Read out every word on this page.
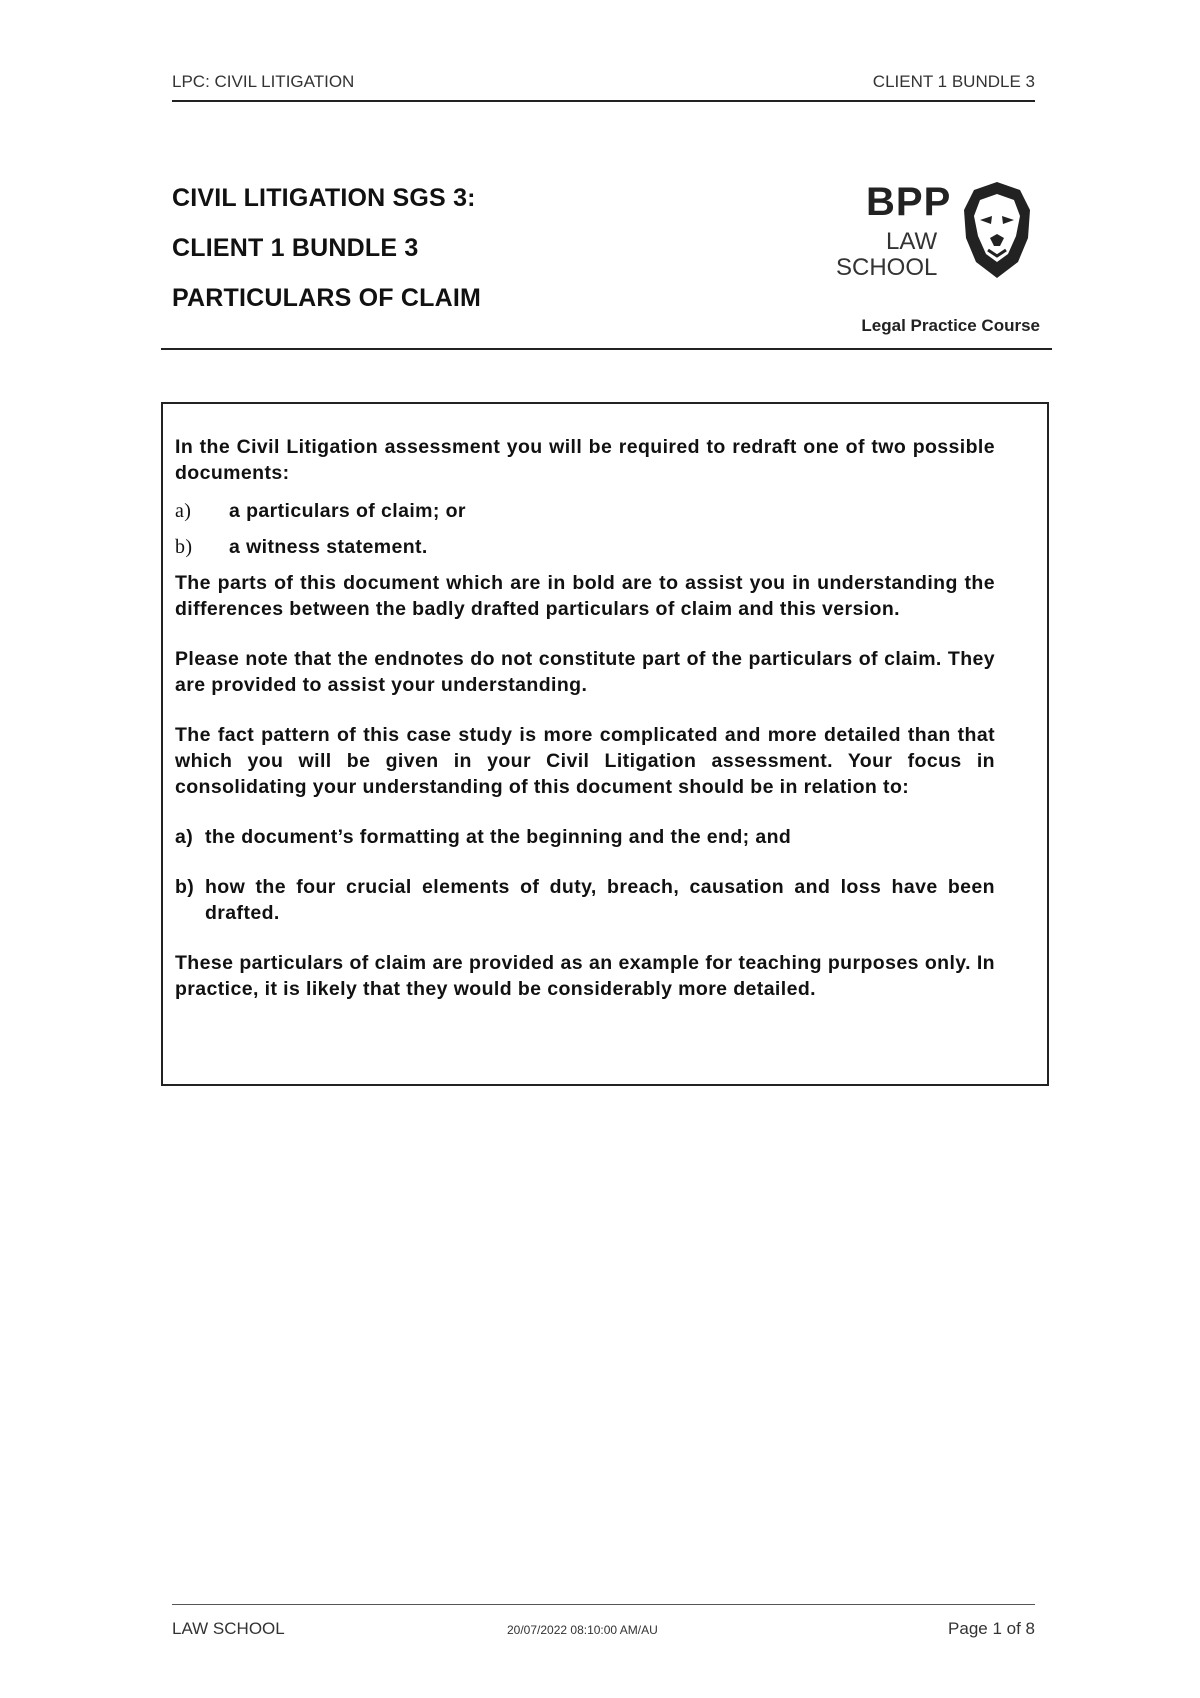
LPC: CIVIL LITIGATION	CLIENT 1 BUNDLE 3
CIVIL LITIGATION SGS 3:
CLIENT 1 BUNDLE 3
PARTICULARS OF CLAIM
BPP
LAW
SCHOOL
Legal Practice Course

In the Civil Litigation assessment you will be required to redraft one of two possible documents:

a)	a particulars of claim; or
b)	a witness statement.

The parts of this document which are in bold are to assist you in understanding the differences between the badly drafted particulars of claim and this version.

Please note that the endnotes do not constitute part of the particulars of claim. They are provided to assist your understanding.

The fact pattern of this case study is more complicated and more detailed than that which you will be given in your Civil Litigation assessment. Your focus in consolidating your understanding of this document should be in relation to:

a) the document’s formatting at the beginning and the end; and
b) how the four crucial elements of duty, breach, causation and loss have been drafted.

These particulars of claim are provided as an example for teaching purposes only. In practice, it is likely that they would be considerably more detailed.

LAW SCHOOL	20/07/2022 08:10:00 AM/AU	Page 1 of 8
